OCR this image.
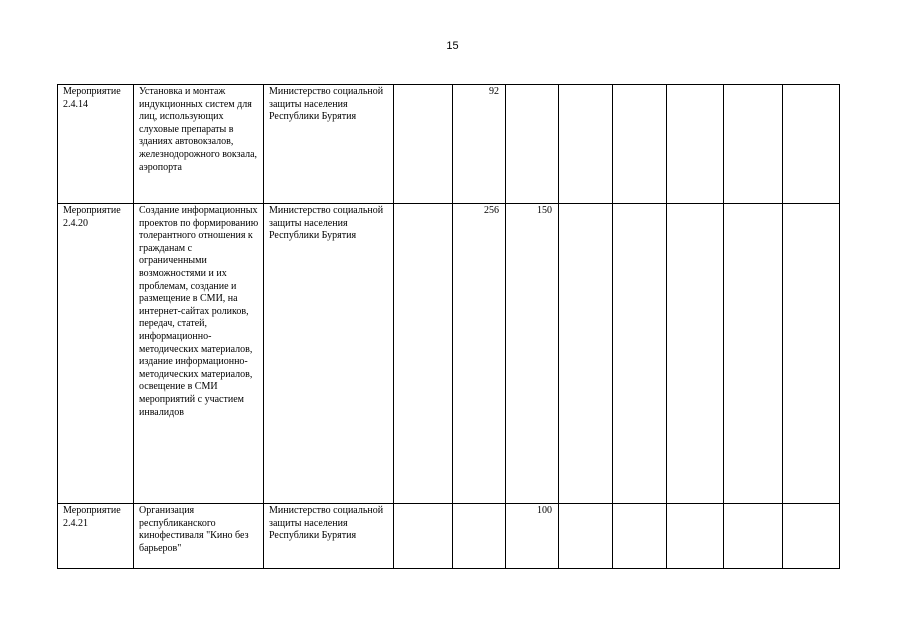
15
Мероприятие 2.4.14	Установка и монтаж индукционных систем для лиц, использующих слуховые препараты в зданиях автовокзалов, железнодорожного вокзала, аэропорта	Министерство социальной защиты населения Республики Бурятия		92						
Мероприятие 2.4.20	Создание информационных проектов по формированию толерантного отношения к гражданам с ограниченными возможностями и их проблемам, создание и размещение в СМИ, на интернет-сайтах роликов, передач, статей, информационно-методических материалов, издание информационно-методических материалов, освещение в СМИ мероприятий с участием инвалидов	Министерство социальной защиты населения Республики Бурятия		256	150					
Мероприятие 2.4.21	Организация республиканского кинофестиваля "Кино без барьеров"	Министерство социальной защиты населения Республики Бурятия			100					
